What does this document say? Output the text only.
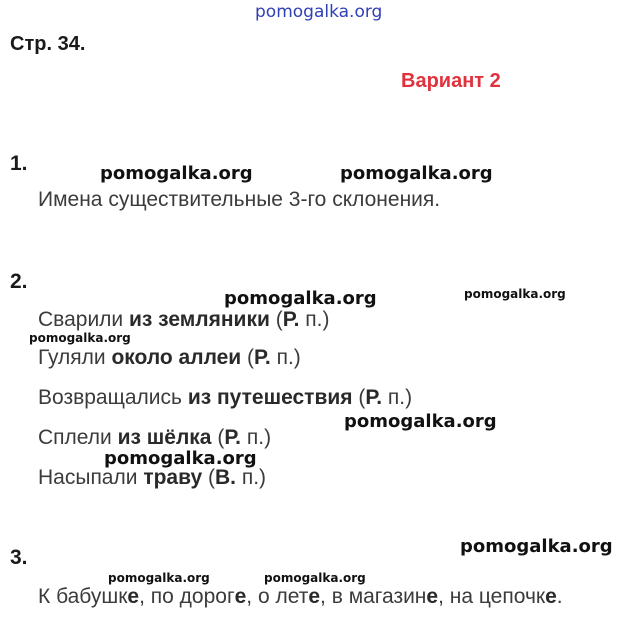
pomogalka.org
Стр. 34.
Вариант 2
1.	pomogalka.org	pomogalka.org
Имена существительные 3-го склонения.
2.
pomogalka.org	pomogalka.org
Сварили из земляники (Р. п.)
pomogalka.org
Гуляли около аллеи (Р. п.)
Возвращались из путешествия (Р. п.)
pomogalka.org
Сплели из шёлка (Р. п.)
pomogalka.org
Насыпали траву (В. п.)
3.	pomogalka.org
pomogalka.org	pomogalka.org
К бабушке, по дороге, о лете, в магазине, на цепочке.
